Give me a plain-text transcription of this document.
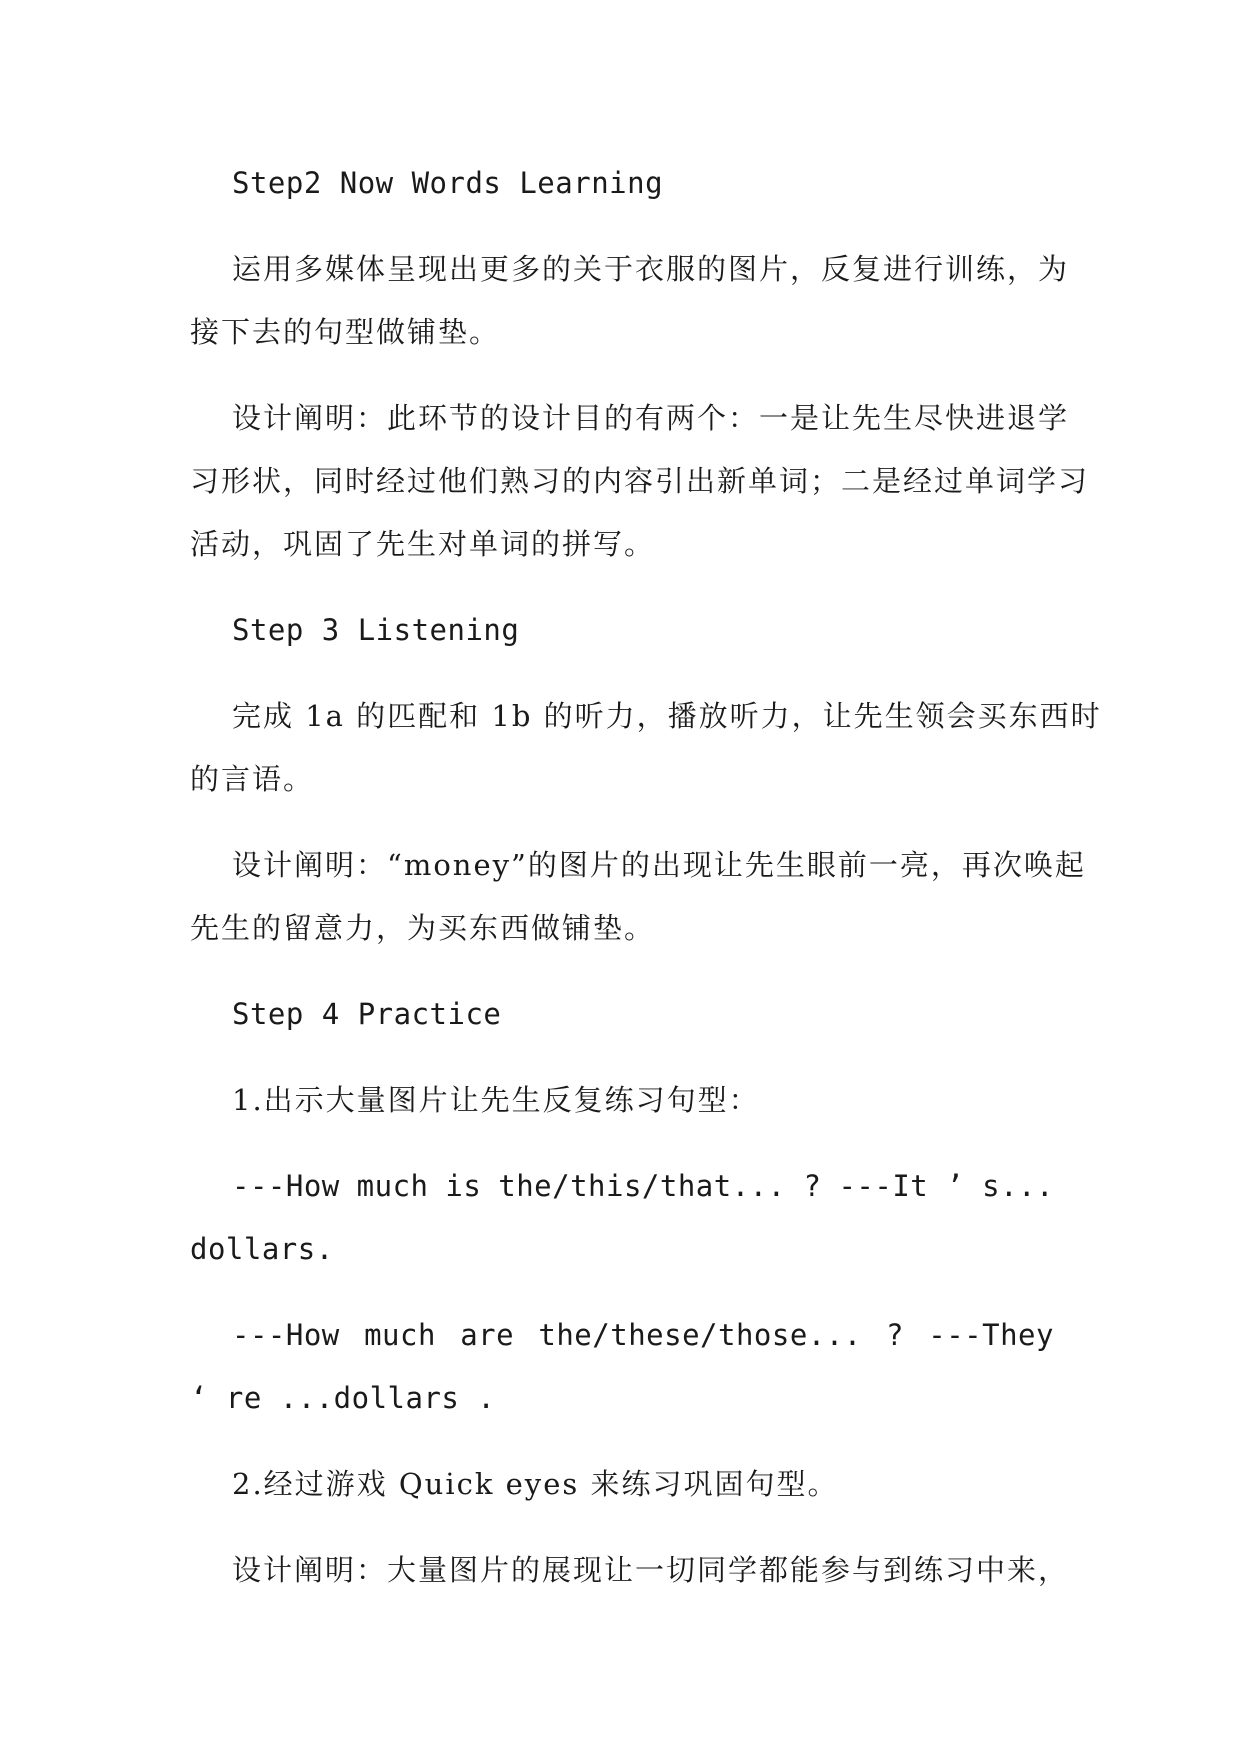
Step2 Now Words Learning
运用多媒体呈现出更多的关于衣服的图片，反复进行训练，为
接下去的句型做铺垫。
设计阐明：此环节的设计目的有两个：一是让先生尽快进退学
习形状，同时经过他们熟习的内容引出新单词；二是经过单词学习
活动，巩固了先生对单词的拼写。
Step 3 Listening
完成 1a 的匹配和 1b 的听力，播放听力，让先生领会买东西时
的言语。
设计阐明：“money”的图片的出现让先生眼前一亮，再次唤起
先生的留意力，为买东西做铺垫。
Step 4 Practice
1.出示大量图片让先生反复练习句型：
---How much is the/this/that... ? ---It ’ s...
dollars.
---How much are the/these/those... ? ---They
‘ re ...dollars .
2.经过游戏 Quick eyes 来练习巩固句型。
设计阐明：大量图片的展现让一切同学都能参与到练习中来，
